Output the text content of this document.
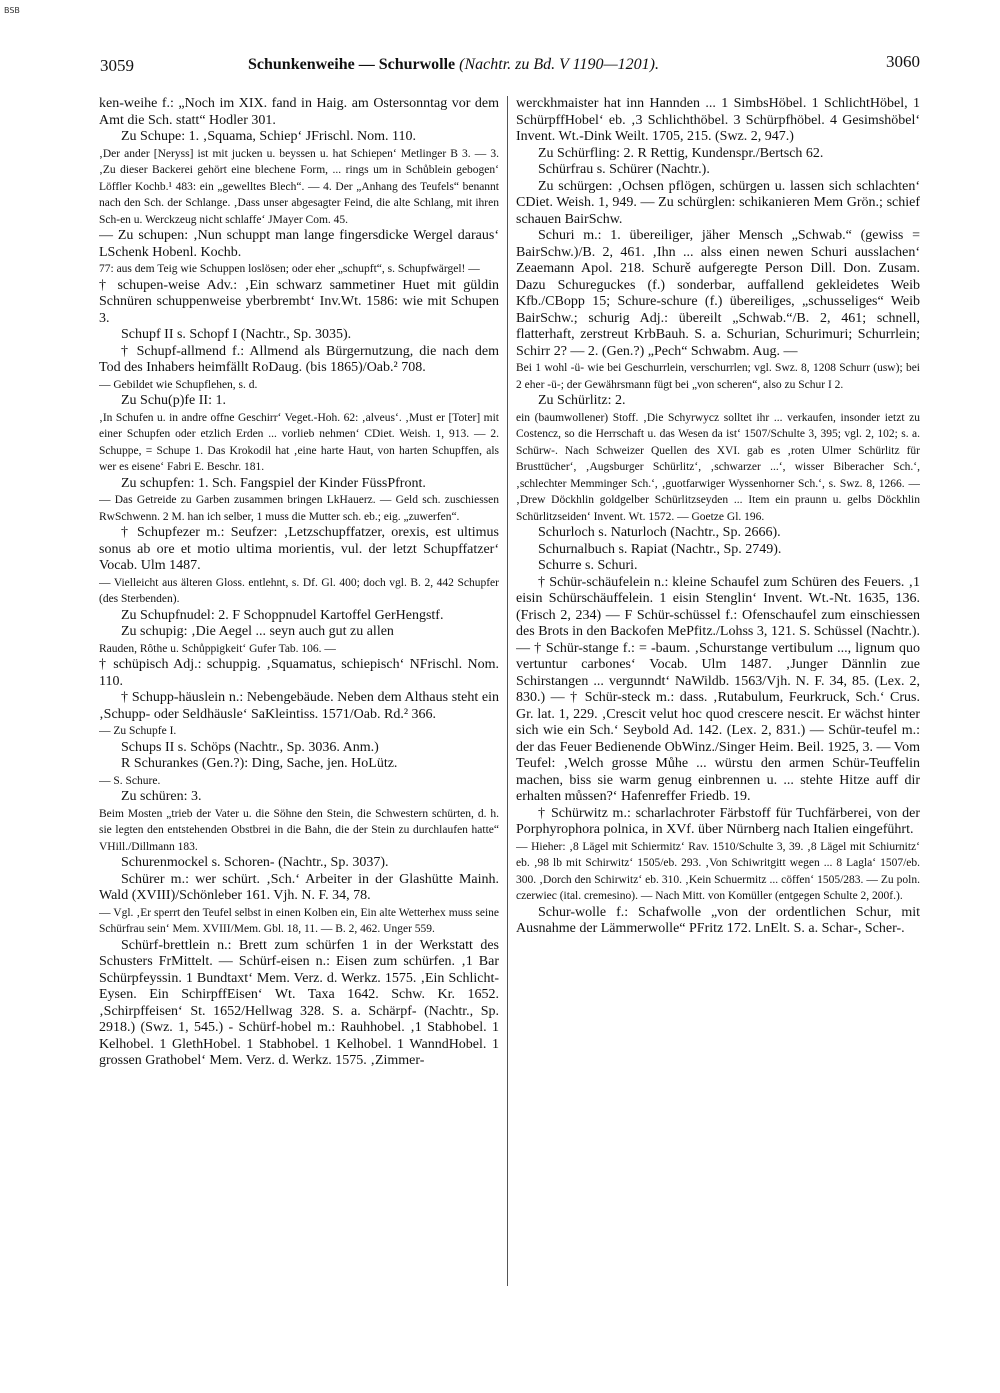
BSB
3059	Schunkenweihe — Schurwolle (Nachtr. zu Bd. V 1190—1201).	3060

ken-weihe f.: „Noch im XIX. fand in Haig. am Ostersonntag vor dem Amt die Sch. statt“ Hodler 301.

Zu Schupe: 1. ‚Squama, Schiep‘ JFrischl. Nom. 110.

‚Der ander [Neryss] ist mit jucken u. beyssen u. hat Schiepen‘ Metlinger B 3. — 3. ‚Zu dieser Backerei gehört eine blechene Form, ... rings um in Schůblein gebogen‘ Löffler Kochb.¹ 483: ein „gewelltes Blech“. — 4. Der „Anhang des Teufels“ benannt nach den Sch. der Schlange. ‚Dass unser abgesagter Feind, die alte Schlang, mit ihren Sch-en u. Werckzeug nicht schlaffe‘ JMayer Com. 45.

— Zu schupen: ‚Nun schuppt man lange fingersdicke Wergel daraus‘ LSchenk Hobenl. Kochb.

77: aus dem Teig wie Schuppen loslösen; oder eher „schupft“, s. Schupfwärgel! —

† schupen-weise Adv.: ‚Ein schwarz sammetiner Huet mit güldin Schnüren schuppenweise yberbrembt‘ Inv.Wt. 1586: wie mit Schupen 3.

Schupf II s. Schopf I (Nachtr., Sp. 3035).

† Schupf-allmend f.: Allmend als Bürgernutzung, die nach dem Tod des Inhabers heimfällt RoDaug. (bis 1865)/Oab.² 708.

— Gebildet wie Schupflehen, s. d.

Zu Schu(p)fe II: 1.

‚In Schufen u. in andre offne Geschirr‘ Veget.-Hoh. 62: ‚alveus‘. ‚Must er [Toter] mit einer Schupfen oder etzlich Erden ... vorlieb nehmen‘ CDiet. Weish. 1, 913. — 2. Schuppe, = Schupe 1. Das Krokodil hat ‚eine harte Haut, von harten Schupffen, als wer es eisene‘ Fabri E. Beschr. 181.

Zu schupfen: 1. Sch. Fangspiel der Kinder FüssPfront.

— Das Getreide zu Garben zusammen bringen LkHauerz. — Geld sch. zuschiessen RwSchwenn. 2 M. han ich selber, 1 muss die Mutter sch. eb.; eig. „zuwerfen“.

† Schupfezer m.: Seufzer: ‚Letzschupffatzer, orexis, est ultimus sonus ab ore et motio ultima morientis, vul. der letzt Schupffatzer‘ Vocab. Ulm 1487.

— Vielleicht aus älteren Gloss. entlehnt, s. Df. Gl. 400; doch vgl. B. 2, 442 Schupfer (des Sterbenden).

Zu Schupfnudel: 2. F Schoppnudel Kartoffel GerHengstf.

Zu schupig: ‚Die Aegel ... seyn auch gut zu allen

Rauden, Rôthe u. Schůppigkeit‘ Gufer Tab. 106. —

† schüpisch Adj.: schuppig. ‚Squamatus, schiepisch‘ NFrischl. Nom. 110.

† Schupp-häuslein n.: Nebengebäude. Neben dem Althaus steht ein ‚Schupp- oder Seldhäusle‘ SaKleintiss. 1571/Oab. Rd.² 366.

— Zu Schupfe I.

Schups II s. Schöps (Nachtr., Sp. 3036. Anm.)

R Schurankes (Gen.?): Ding, Sache, jen. HoLütz.

— S. Schure.

Zu schüren: 3.

Beim Mosten „trieb der Vater u. die Söhne den Stein, die Schwestern schürten, d. h. sie legten den entstehenden Obstbrei in die Bahn, die der Stein zu durchlaufen hatte“ VHill./Dillmann 183.

Schurenmockel s. Schoren- (Nachtr., Sp. 3037).

Schürer m.: wer schürt. ‚Sch.‘ Arbeiter in der Glashütte Mainh. Wald (XVIII)/Schönleber 161. Vjh. N. F. 34, 78.

— Vgl. ‚Er sperrt den Teufel selbst in einen Kolben ein, Ein alte Wetterhex muss seine Schürfrau sein‘ Mem. XVIII/Mem. Gbl. 18, 11. — B. 2, 462. Unger 559.

Schürf-brettlein n.: Brett zum schürfen 1 in der Werkstatt des Schusters FrMittelt. — Schürf-eisen n.: Eisen zum schürfen. ‚1 Bar Schürpfeyssin. 1 Bundtaxt‘ Mem. Verz. d. Werkz. 1575. ‚Ein Schlicht-Eysen. Ein SchirpffEisen‘ Wt. Taxa 1642. Schw. Kr. 1652. ‚Schirpffeisen‘ St. 1652/Hellwag 328. S. a. Schärpf- (Nachtr., Sp. 2918.) (Swz. 1, 545.) - Schürf-hobel m.: Rauhhobel. ‚1 Stabhobel. 1 Kelhobel. 1 GlethHobel. 1 Stabhobel. 1 Kelhobel. 1 WanndHobel. 1 grossen Grathobel‘ Mem. Verz. d. Werkz. 1575. ‚Zimmer-

werckhmaister hat inn Hannden ... 1 SimbsHöbel. 1 SchlichtHöbel, 1 SchürpffHobel‘ eb. ‚3 Schlichthöbel. 3 Schürpfhöbel. 4 Gesimshöbel‘ Invent. Wt.-Dink Weilt. 1705, 215. (Swz. 2, 947.)

Zu Schürfling: 2. R Rettig, Kundenspr./Bertsch 62.

Schürfrau s. Schürer (Nachtr.).

Zu schürgen: ‚Ochsen pflögen, schürgen u. lassen sich schlachten‘ CDiet. Weish. 1, 949. — Zu schürglen: schikanieren Mem Grön.; schief schauen BairSchw.

Schuri m.: 1. übereiliger, jäher Mensch „Schwab.“ (gewiss = BairSchw.)/B. 2, 461. ‚Ihn ... alss einen newen Schuri ausslachen‘ Zeaemann Apol. 218. Schurě aufgeregte Person Dill. Don. Zusam. Dazu Schureguckes (f.) sonderbar, auffallend gekleidetes Weib Kfb./CBopp 15; Schure-schure (f.) übereiliges, „schusseliges“ Weib BairSchw.; schurig Adj.: übereilt „Schwab.“/B. 2, 461; schnell, flatterhaft, zerstreut KrbBauh. S. a. Schurian, Schurimuri; Schurrlein; Schirr 2? — 2. (Gen.?) „Pech“ Schwabm. Aug. —

Bei 1 wohl -ü- wie bei Geschurrlein, verschurrlen; vgl. Swz. 8, 1208 Schurr (usw); bei 2 eher -ü-; der Gewährsmann fügt bei „von scheren“, also zu Schur I 2.

Zu Schürlitz: 2.

ein (baumwollener) Stoff. ‚Die Schyrwycz solltet ihr ... verkaufen, insonder ietzt zu Costencz, so die Herrschaft u. das Wesen da ist‘ 1507/Schulte 3, 395; vgl. 2, 102; s. a. Schürw-. Nach Schweizer Quellen des XVI. gab es ‚roten Ulmer Schürlitz für Brusttücher‘, ‚Augsburger Schürlitz‘, ‚schwarzer ...‘, wisser Biberacher Sch.‘, ‚schlechter Memminger Sch.‘, ‚guotfarwiger Wyssenhorner Sch.‘, s. Swz. 8, 1266. — ‚Drew Döckhlin goldgelber Schürlitzseyden ... Item ein praunn u. gelbs Döckhlin Schürlitzseiden‘ Invent. Wt. 1572. — Goetze Gl. 196.

Schurloch s. Naturloch (Nachtr., Sp. 2666).

Schurnalbuch s. Rapiat (Nachtr., Sp. 2749).

Schurre s. Schuri.

† Schür-schäufelein n.: kleine Schaufel zum Schüren des Feuers. ‚1 eisin Schürschäuffelein. 1 eisin Stenglin‘ Invent. Wt.-Nt. 1635, 136. (Frisch 2, 234) — F Schür-schüssel f.: Ofenschaufel zum einschiessen des Brots in den Backofen MePfitz./Lohss 3, 121. S. Schüssel (Nachtr.). — † Schür-stange f.: = -baum. ‚Schurstange vertibulum ..., lignum quo vertuntur carbones‘ Vocab. Ulm 1487. ‚Junger Dännlin zue Schirstangen ... vergunndt‘ NaWildb. 1563/Vjh. N. F. 34, 85. (Lex. 2, 830.) — † Schür-steck m.: dass. ‚Rutabulum, Feurkruck, Sch.‘ Crus. Gr. lat. 1, 229. ‚Crescit velut hoc quod crescere nescit. Er wächst hinter sich wie ein Sch.‘ Seybold Ad. 142. (Lex. 2, 831.) — Schür-teufel m.: der das Feuer Bedienende ObWinz./Singer Heim. Beil. 1925, 3. — Vom Teufel: ‚Welch grosse Můhe ... würstu den armen Schür-Teuffelin machen, biss sie warm genug einbrennen u. ... stehte Hitze auff dir erhalten můssen?‘ Hafenreffer Friedb. 19.

† Schürwitz m.: scharlachroter Färbstoff für Tuchfärberei, von der Porphyrophora polnica, in XVf. über Nürnberg nach Italien eingeführt.

— Hieher: ‚8 Lägel mit Schiermitz‘ Rav. 1510/Schulte 3, 39. ‚8 Lägel mit Schiurnitz‘ eb. ‚98 lb mit Schirwitz‘ 1505/eb. 293. ‚Von Schiwritgitt wegen ... 8 Lagla‘ 1507/eb. 300. ‚Dorch den Schirwitz‘ eb. 310. ‚Kein Schuermitz ... cöffen‘ 1505/283. — Zu poln. czerwiec (ital. cremesino). — Nach Mitt. von Komüller (entgegen Schulte 2, 200f.).

Schur-wolle f.: Schafwolle „von der ordentlichen Schur, mit Ausnahme der Lämmerwolle“ PFritz 172. LnElt. S. a. Schar-, Scher-.
